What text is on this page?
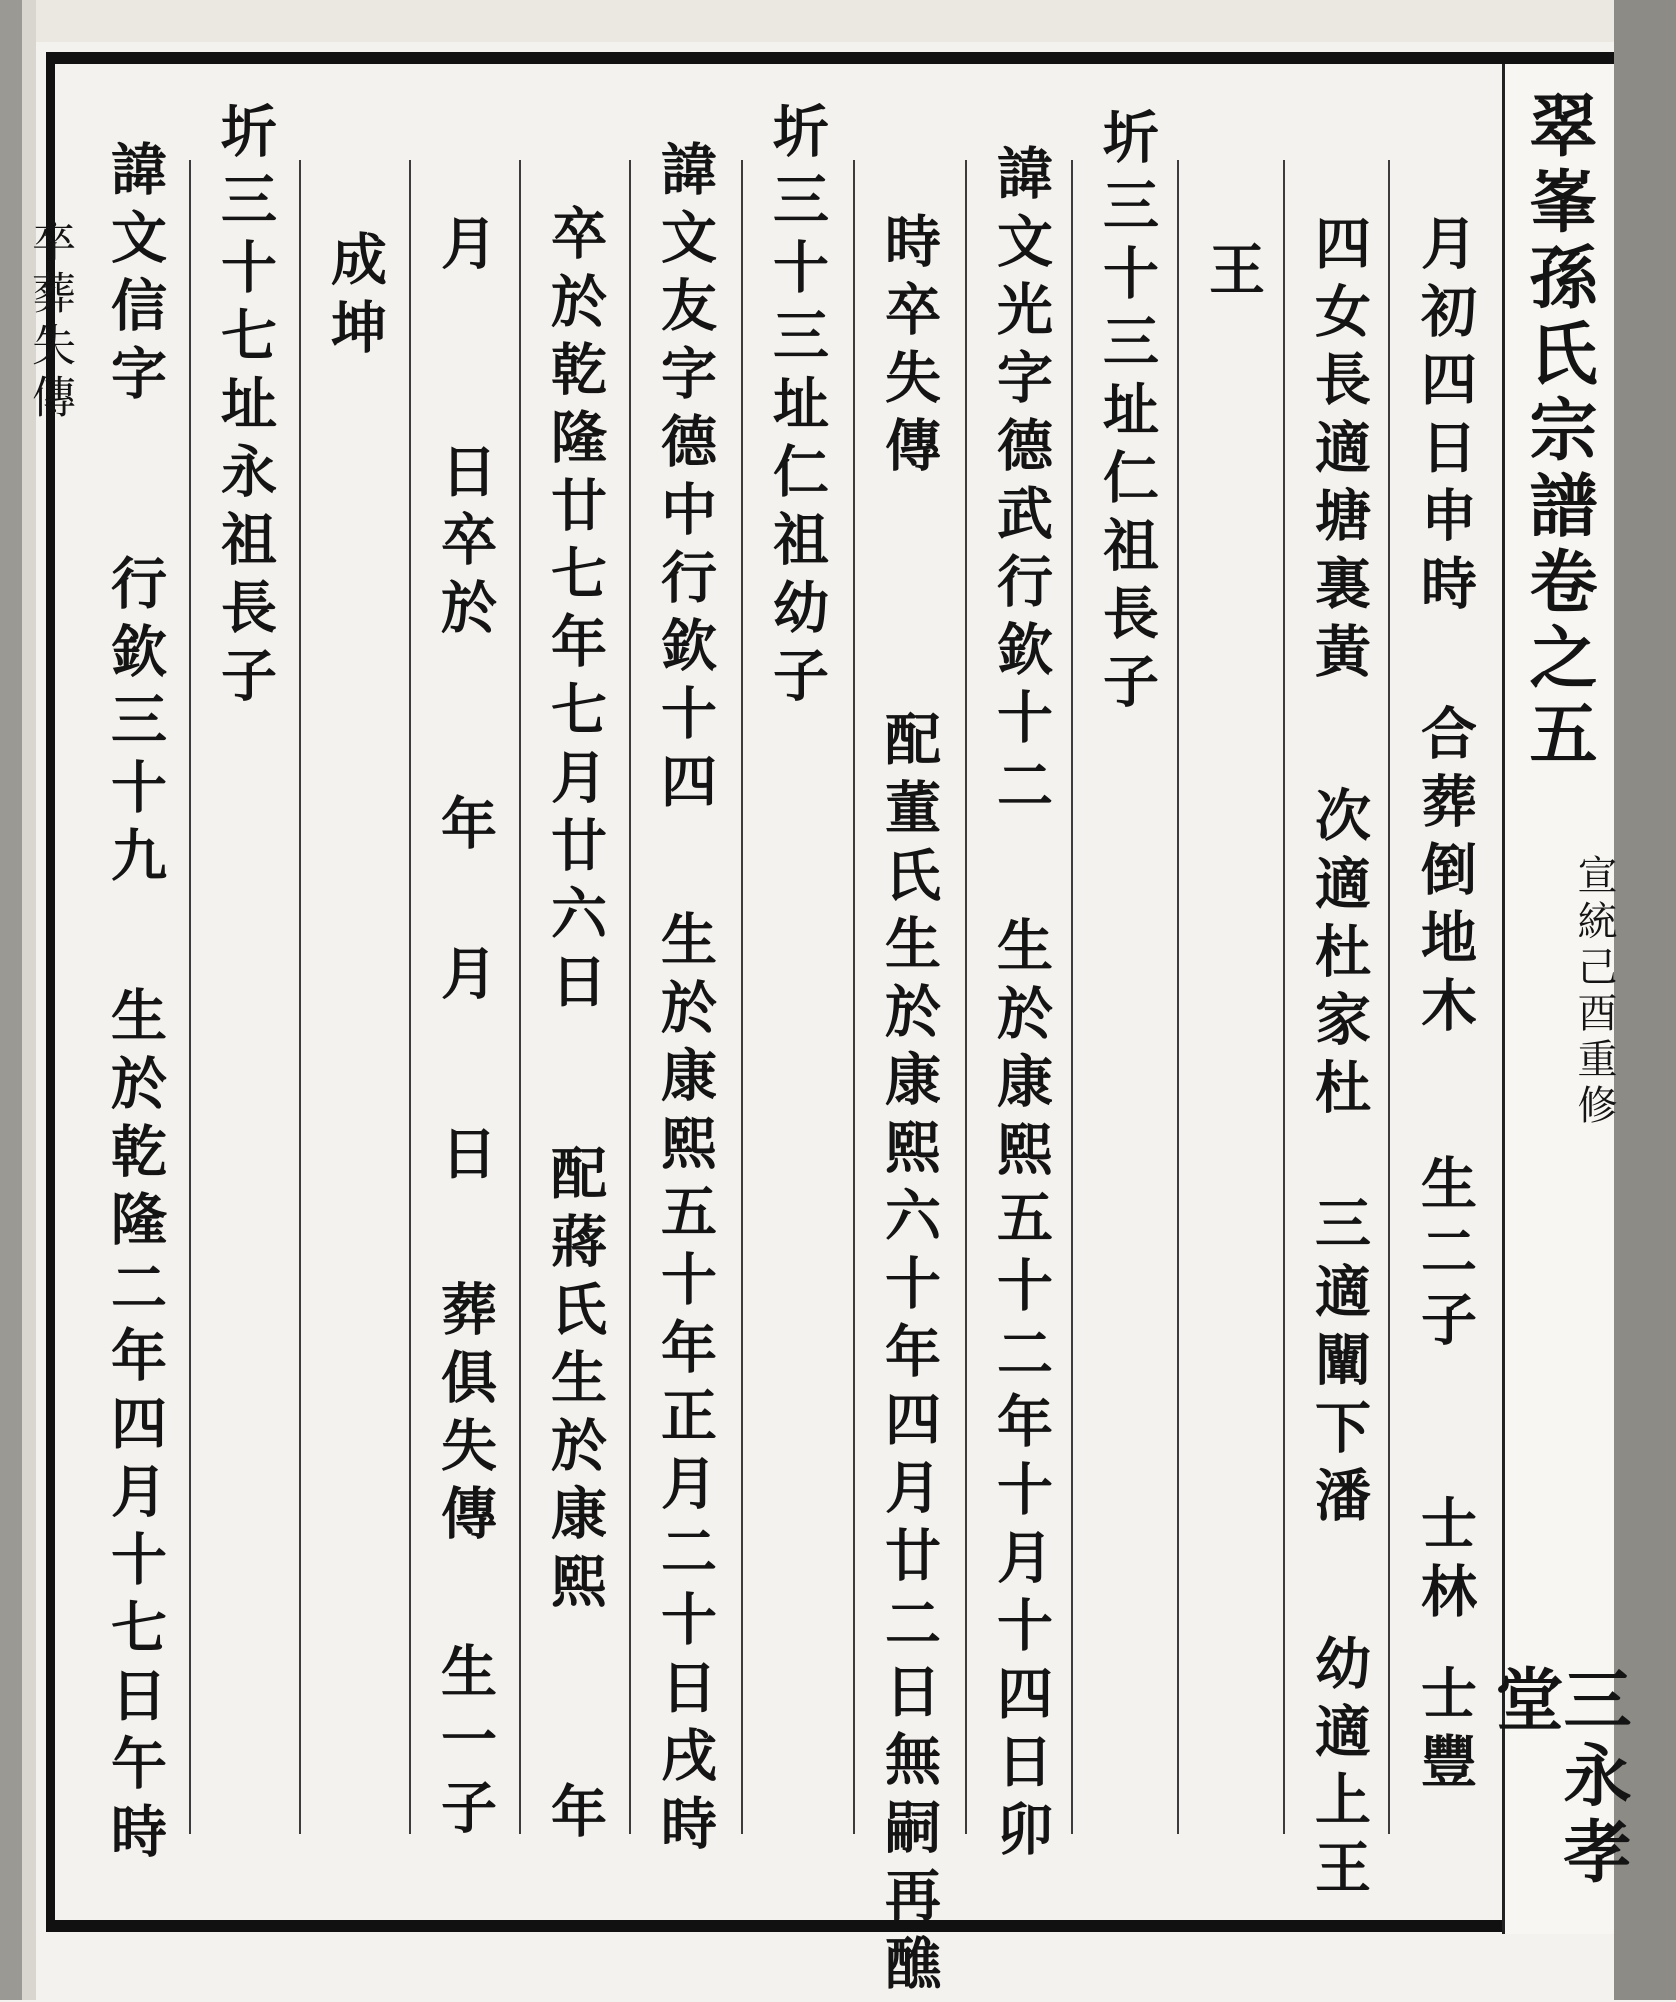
月初四日申時
合葬倒地木
生二子
士林
士豐
四女長適塘裏黃
次適杜家杜
三適闡下潘
幼適上王
王
圻三十三址仁祖長子
諱文光字德武行欽十二
生於康熙五十二年十月十四日卯
時卒失傳
配董氏生於康熙六十年四月廿二日無嗣再醮
圻三十三址仁祖幼子
諱文友字德中行欽十四
生於康熙五十年正月二十日戌時
卒於乾隆廿七年七月廿六日
配蔣氏生於康熙
年
月
日卒於
年
月
日
葬俱失傳
生一子
成坤
圻三十七址永祖長子
諱文信字
行欽三十九
生於乾隆二年四月十七日午時
卒葬失傳	翠峯孫氏宗譜卷之五
宣統己酉重修
三永孝堂
